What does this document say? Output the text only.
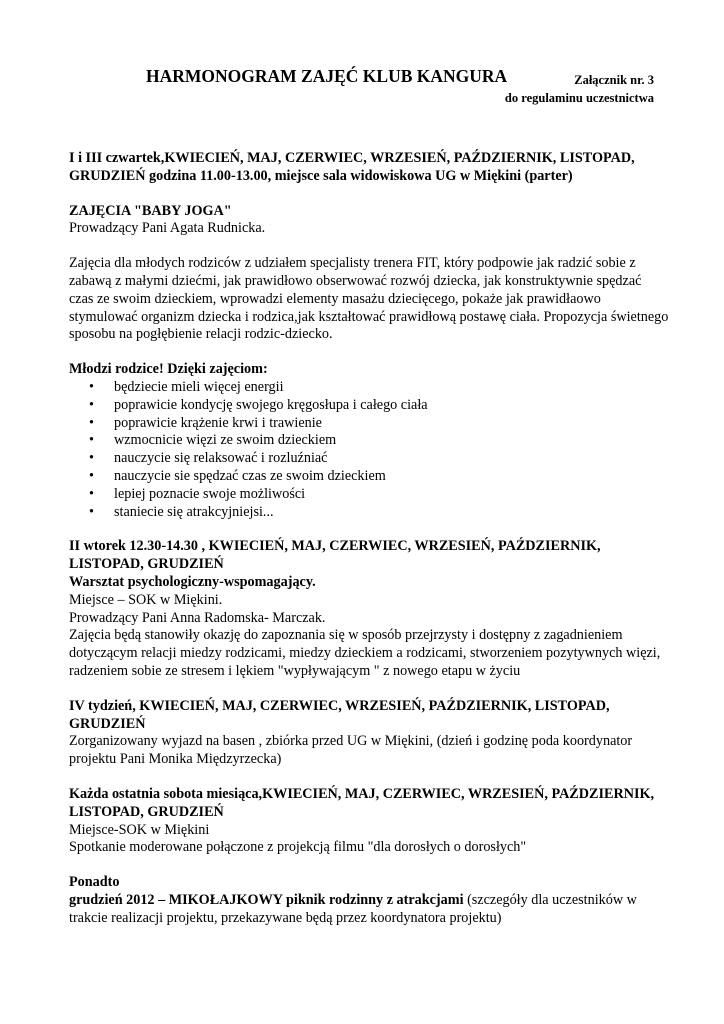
HARMONOGRAM ZAJĘĆ KLUB KANGURA	Załącznik nr. 3
do regulaminu uczestnictwa

I i III czwartek,KWIECIEŃ, MAJ, CZERWIEC, WRZESIEŃ, PAŹDZIERNIK, LISTOPAD, GRUDZIEŃ godzina 11.00-13.00, miejsce sala widowiskowa UG w Miękini (parter)

ZAJĘCIA "BABY JOGA"

Prowadzący Pani Agata Rudnicka.

Zajęcia dla młodych rodziców z udziałem specjalisty trenera FIT, który podpowie jak radzić sobie z zabawą z małymi dziećmi, jak prawidłowo obserwować rozwój dziecka, jak konstruktywnie spędzać czas ze swoim dzieckiem, wprowadzi elementy masażu dziecięcego, pokaże jak prawidłaowo stymulować organizm dziecka i rodzica,jak kształtować prawidłową postawę ciała. Propozycja świetnego sposobu na pogłębienie relacji rodzic-dziecko.

Młodzi rodzice! Dzięki zajęciom:

• będziecie mieli więcej energii
• poprawicie kondycję swojego kręgosłupa i całego ciała
• poprawicie krążenie krwi i trawienie
• wzmocnicie więzi ze swoim dzieckiem
• nauczycie się relaksować i rozluźniać
• nauczycie sie spędzać czas ze swoim dzieckiem
• lepiej poznacie swoje możliwości
• staniecie się atrakcyjniejsi...

II wtorek 12.30-14.30 , KWIECIEŃ, MAJ, CZERWIEC, WRZESIEŃ, PAŹDZIERNIK, LISTOPAD, GRUDZIEŃ

Warsztat psychologiczny-wspomagający.

Miejsce – SOK w Miękini.

Prowadzący Pani Anna Radomska- Marczak.

Zajęcia będą stanowiły okazję do zapoznania się w sposób przejrzysty i dostępny z zagadnieniem dotyczącym relacji miedzy rodzicami, miedzy dzieckiem a rodzicami, stworzeniem pozytywnych więzi, radzeniem sobie ze stresem i lękiem "wypływającym " z nowego etapu w życiu

IV tydzień, KWIECIEŃ, MAJ, CZERWIEC, WRZESIEŃ, PAŹDZIERNIK, LISTOPAD, GRUDZIEŃ

Zorganizowany wyjazd na basen , zbiórka przed UG w Miękini, (dzień i godzinę poda koordynator projektu Pani Monika Międzyrzecka)

Każda ostatnia sobota miesiąca,KWIECIEŃ, MAJ, CZERWIEC, WRZESIEŃ, PAŹDZIERNIK, LISTOPAD, GRUDZIEŃ

Miejsce-SOK w Miękini

Spotkanie moderowane połączone z projekcją filmu "dla dorosłych o dorosłych"

Ponadto

grudzień 2012 – MIKOŁAJKOWY piknik rodzinny z atrakcjami (szczegóły dla uczestników w trakcie realizacji projektu, przekazywane będą przez koordynatora projektu)
